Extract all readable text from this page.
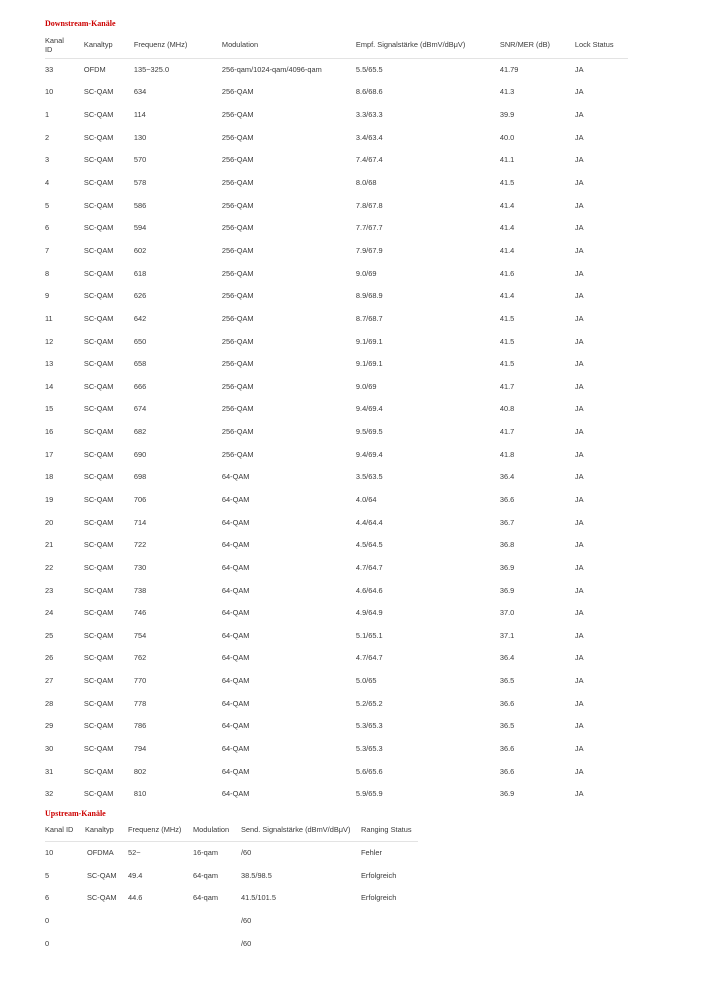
Downstream-Kanäle
Kanal ID	Kanaltyp	Frequenz (MHz)	Modulation	Empf. Signalstärke (dBmV/dBμV)	SNR/MER (dB)	Lock Status
33	OFDM	135~325.0	256-qam/1024-qam/4096-qam	5.5/65.5	41.79	JA
10	SC-QAM	634	256-QAM	8.6/68.6	41.3	JA
1	SC-QAM	114	256-QAM	3.3/63.3	39.9	JA
2	SC-QAM	130	256-QAM	3.4/63.4	40.0	JA
3	SC-QAM	570	256-QAM	7.4/67.4	41.1	JA
4	SC-QAM	578	256-QAM	8.0/68	41.5	JA
5	SC-QAM	586	256-QAM	7.8/67.8	41.4	JA
6	SC-QAM	594	256-QAM	7.7/67.7	41.4	JA
7	SC-QAM	602	256-QAM	7.9/67.9	41.4	JA
8	SC-QAM	618	256-QAM	9.0/69	41.6	JA
9	SC-QAM	626	256-QAM	8.9/68.9	41.4	JA
11	SC-QAM	642	256-QAM	8.7/68.7	41.5	JA
12	SC-QAM	650	256-QAM	9.1/69.1	41.5	JA
13	SC-QAM	658	256-QAM	9.1/69.1	41.5	JA
14	SC-QAM	666	256-QAM	9.0/69	41.7	JA
15	SC-QAM	674	256-QAM	9.4/69.4	40.8	JA
16	SC-QAM	682	256-QAM	9.5/69.5	41.7	JA
17	SC-QAM	690	256-QAM	9.4/69.4	41.8	JA
18	SC-QAM	698	64-QAM	3.5/63.5	36.4	JA
19	SC-QAM	706	64-QAM	4.0/64	36.6	JA
20	SC-QAM	714	64-QAM	4.4/64.4	36.7	JA
21	SC-QAM	722	64-QAM	4.5/64.5	36.8	JA
22	SC-QAM	730	64-QAM	4.7/64.7	36.9	JA
23	SC-QAM	738	64-QAM	4.6/64.6	36.9	JA
24	SC-QAM	746	64-QAM	4.9/64.9	37.0	JA
25	SC-QAM	754	64-QAM	5.1/65.1	37.1	JA
26	SC-QAM	762	64-QAM	4.7/64.7	36.4	JA
27	SC-QAM	770	64-QAM	5.0/65	36.5	JA
28	SC-QAM	778	64-QAM	5.2/65.2	36.6	JA
29	SC-QAM	786	64-QAM	5.3/65.3	36.5	JA
30	SC-QAM	794	64-QAM	5.3/65.3	36.6	JA
31	SC-QAM	802	64-QAM	5.6/65.6	36.6	JA
32	SC-QAM	810	64-QAM	5.9/65.9	36.9	JA
Upstream-Kanäle
Kanal ID	Kanaltyp	Frequenz (MHz)	Modulation	Send. Signalstärke (dBmV/dBμV)	Ranging Status
10	OFDMA	52~	16-qam	/60	Fehler
5	SC-QAM	49.4	64-qam	38.5/98.5	Erfolgreich
6	SC-QAM	44.6	64-qam	41.5/101.5	Erfolgreich
0				/60	
0				/60	
